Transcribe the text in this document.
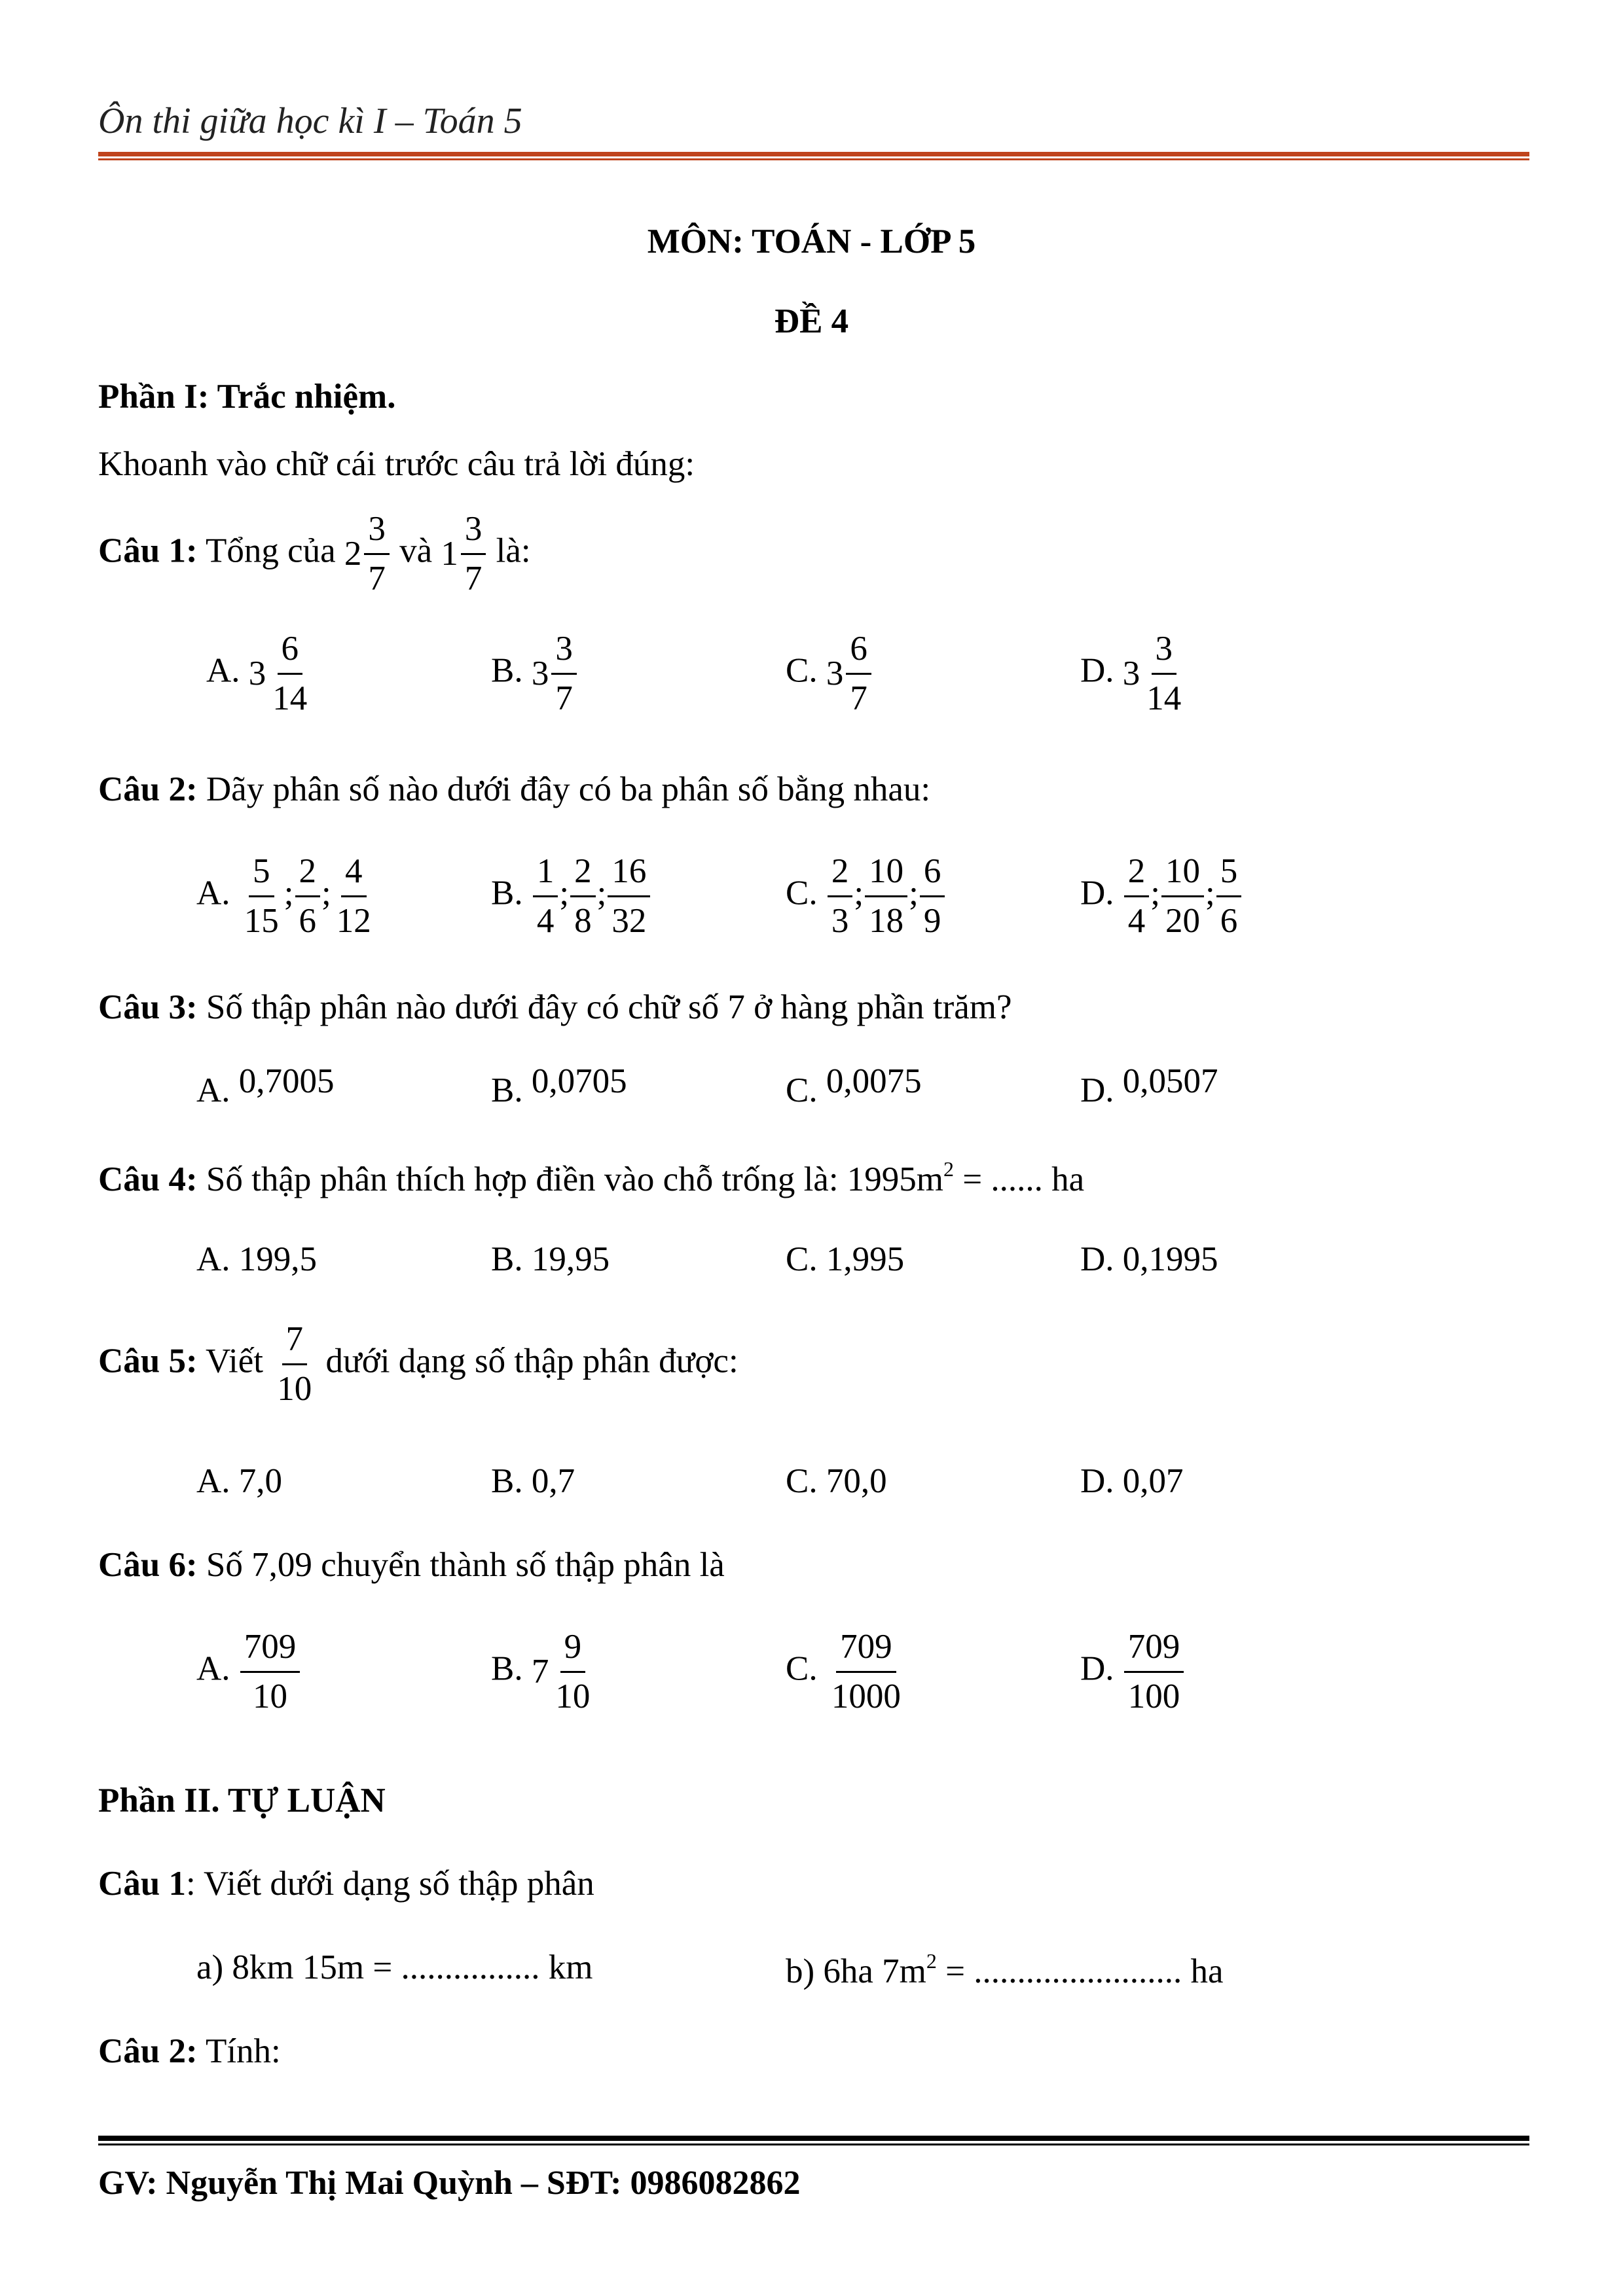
Ôn thi giữa học kì I – Toán 5
MÔN: TOÁN - LỚP 5
ĐỀ 4
Phần I: Trắc nhiệm.
Khoanh vào chữ cái trước câu trả lời đúng:
Câu 1: Tổng của $2 \frac{3}{7}$ và $1 \frac{3}{7}$ là:
A. $3 \frac{6}{14}$	B. $3 \frac{3}{7}$	C. $3 \frac{6}{7}$	D. $3 \frac{3}{14}$
Câu 2: Dãy phân số nào dưới đây có ba phân số bằng nhau:
A. $\frac{5}{15}$ ; $\frac{2}{6}$ ; $\frac{4}{12}$	B. $\frac{1}{4}$ ; $\frac{2}{8}$ ; $\frac{16}{32}$	C. $\frac{2}{3}$ ; $\frac{10}{18}$ ; $\frac{6}{9}$	D. $\frac{2}{4}$ ; $\frac{10}{20}$ ; $\frac{5}{6}$
Câu 3: Số thập phân nào dưới đây có chữ số 7 ở hàng phần trăm?
A. 0,7005	B. 0,0705	C. 0,0075	D. 0,0507
Câu 4: Số thập phân thích hợp điền vào chỗ trống là: $1995m^2$ = ...... ha
A. 199,5	B. 19,95	C. 1,995	D. 0,1995
Câu 5: Viết $\frac{7}{10}$ dưới dạng số thập phân được:
A. 7,0	B. 0,7	C. 70,0	D. 0,07
Câu 6: Số 7,09 chuyển thành số thập phân là
A. $\frac{709}{10}$	B. $7 \frac{9}{10}$	C. $\frac{709}{1000}$	D. $\frac{709}{100}$
Phần II. TỰ LUẬN
Câu 1: Viết dưới dạng số thập phân
a) 8km 15m = ................ km	b) 6ha $7m^2$ = ........................ ha
Câu 2: Tính:
GV: Nguyễn Thị Mai Quỳnh – SĐT: 0986082862
